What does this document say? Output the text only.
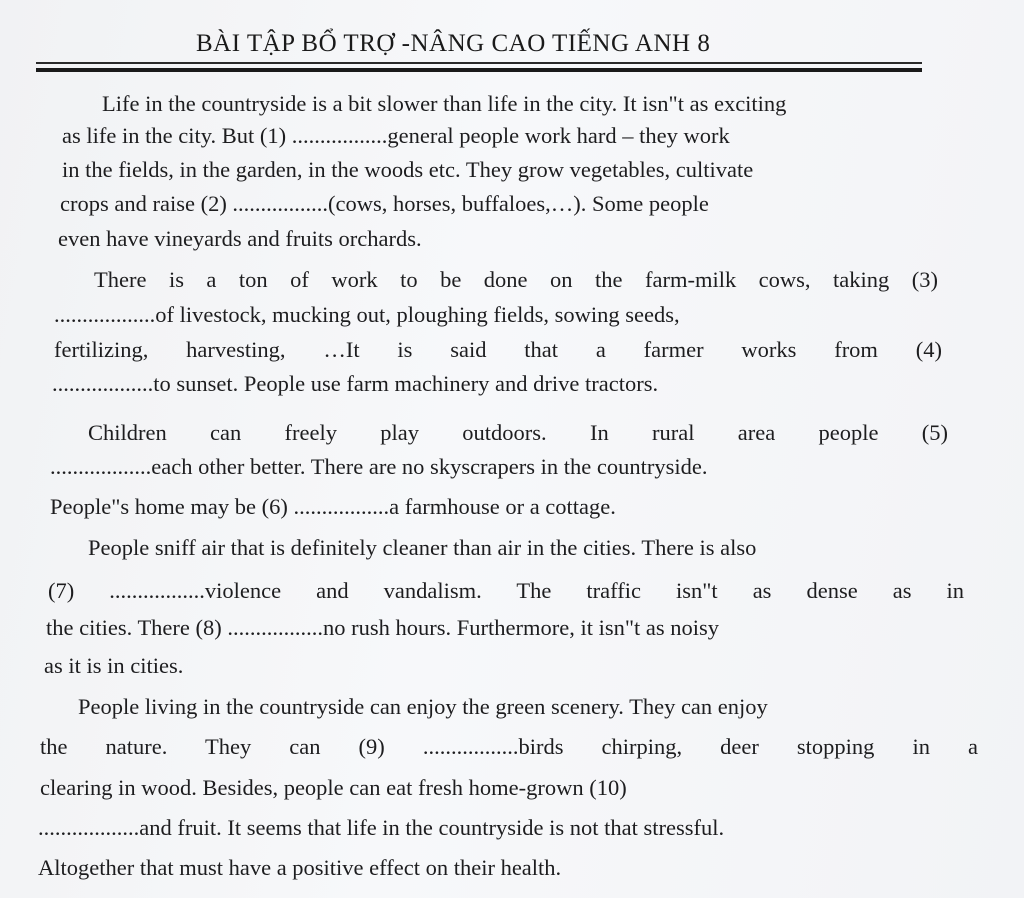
BÀI TẬP BỔ TRỢ -NÂNG CAO TIẾNG ANH 8
Life in the countryside is a bit slower than life in the city. It isn"t as exciting
as life in the city. But (1) .................general people work hard – they work
in the fields, in the garden, in the woods etc. They grow vegetables, cultivate
crops and raise (2) .................(cows, horses, buffaloes,…). Some people
even have vineyards and fruits orchards.
There is a ton of work to be done on the farm-milk cows, taking (3)
..................of livestock, mucking out, ploughing fields, sowing seeds,
fertilizing, harvesting, …It is said that a farmer works from (4)
..................to sunset. People use farm machinery and drive tractors.
Children can freely play outdoors. In rural area people (5)
..................each other better. There are no skyscrapers in the countryside.
People"s home may be (6) .................a farmhouse or a cottage.
People sniff air that is definitely cleaner than air in the cities. There is also
(7) .................violence and vandalism. The traffic isn"t as dense as in
the cities. There (8) .................no rush hours. Furthermore, it isn"t as noisy
as it is in cities.
People living in the countryside can enjoy the green scenery. They can enjoy
the nature. They can (9) .................birds chirping, deer stopping in a
clearing in wood. Besides, people can eat fresh home-grown (10)
..................and fruit. It seems that life in the countryside is not that stressful.
Altogether that must have a positive effect on their health.
